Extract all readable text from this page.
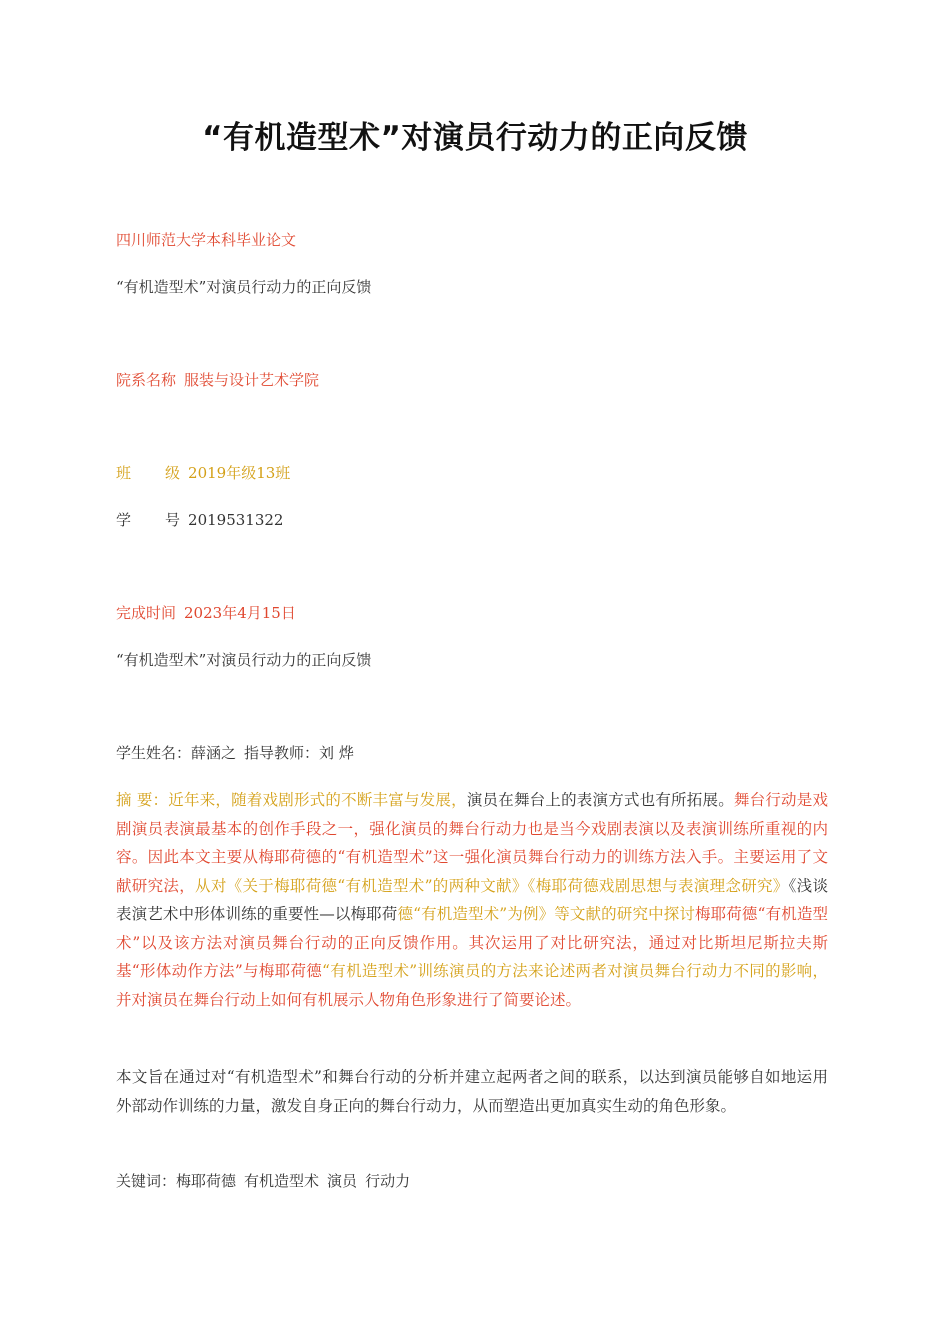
“有机造型术”对演员行动力的正向反馈
四川师范大学本科毕业论文
“有机造型术”对演员行动力的正向反馈
院系名称 服装与设计艺术学院
班 级 2019年级13班
学 号 2019531322
完成时间 2023年4月15日
“有机造型术”对演员行动力的正向反馈
学生姓名：薛涵之 指导教师：刘 烨
摘 要：近年来，随着戏剧形式的不断丰富与发展，演员在舞台上的表演方式也有所拓展。舞台行动是戏剧演员表演最基本的创作手段之一，强化演员的舞台行动力也是当今戏剧表演以及表演训练所重视的内容。因此本文主要从梅耶荷德的“有机造型术”这一强化演员舞台行动力的训练方法入手。主要运用了文献研究法，从对《关于梅耶荷德“有机造型术”的两种文献》《梅耶荷德戏剧思想与表演理念研究》《浅谈表演艺术中形体训练的重要性—以梅耶荷德“有机造型术”为例》等文献的研究中探讨梅耶荷德“有机造型术”以及该方法对演员舞台行动的正向反馈作用。其次运用了对比研究法，通过对比斯坦尼斯拉夫斯基“形体动作方法”与梅耶荷德“有机造型术”训练演员的方法来论述两者对演员舞台行动力不同的影响，并对演员在舞台行动上如何有机展示人物角色形象进行了简要论述。
本文旨在通过对“有机造型术”和舞台行动的分析并建立起两者之间的联系，以达到演员能够自如地运用外部动作训练的力量，激发自身正向的舞台行动力，从而塑造出更加真实生动的角色形象。
关键词：梅耶荷德 有机造型术 演员 行动力
